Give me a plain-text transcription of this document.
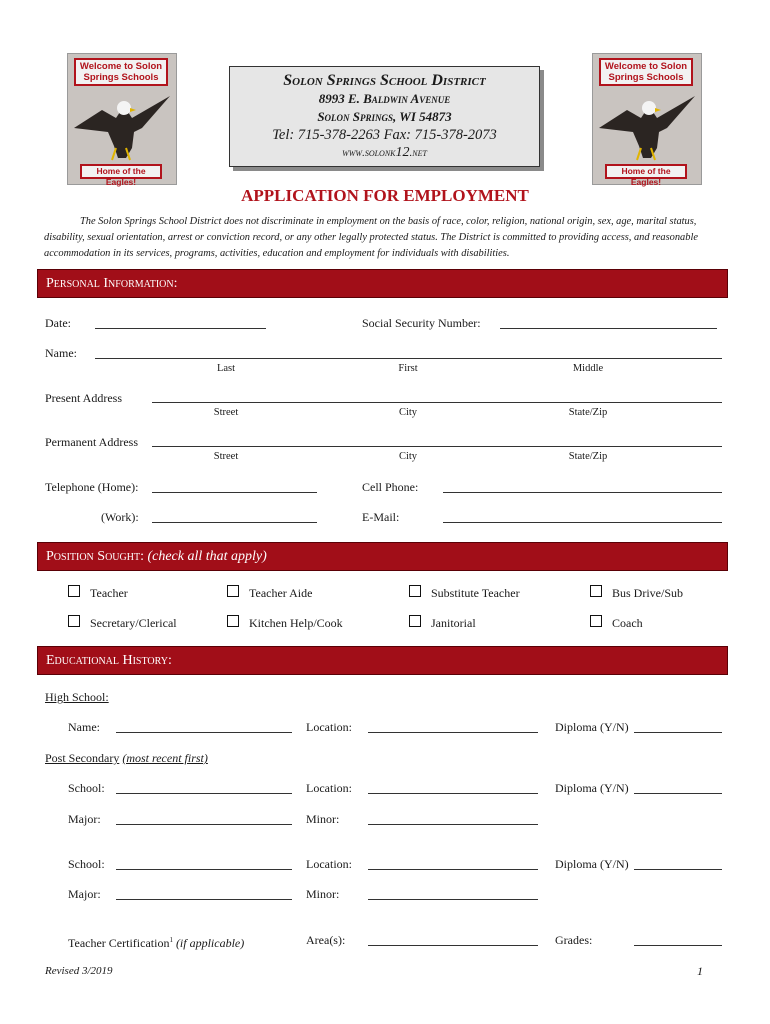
Welcome to Solon Springs Schools
Home of the Eagles!
Welcome to Solon Springs Schools
Home of the Eagles!
Solon Springs School District
8993 E. Baldwin Avenue
Solon Springs, WI 54873
Tel: 715-378-2263 Fax: 715-378-2073
www.solonk12.net
APPLICATION FOR EMPLOYMENT
The Solon Springs School District does not discriminate in employment on the basis of race, color, religion, national origin, sex, age, marital status, disability, sexual orientation, arrest or conviction record, or any other legally protected status. The District is committed to providing access, and reasonable accommodation in its services, programs, activities, education and employment for individuals with disabilities.
Personal Information:
Date:	Social Security Number:
Name:
Last	First	Middle
Present Address
Street	City	State/Zip
Permanent Address
Street	City	State/Zip
Telephone (Home):	Cell Phone:
(Work):	E-Mail:
Position Sought: (check all that apply)
Teacher	Teacher Aide	Substitute Teacher	Bus Drive/Sub
Secretary/Clerical	Kitchen Help/Cook	Janitorial	Coach
Educational History:
High School:
Name:	Location:	Diploma (Y/N)
Post Secondary (most recent first)
School:	Location:	Diploma (Y/N)
Major:	Minor:
School:	Location:	Diploma (Y/N)
Major:	Minor:
Teacher Certification$^1$ (if applicable)	Area(s):	Grades:
Revised 3/2019	1
